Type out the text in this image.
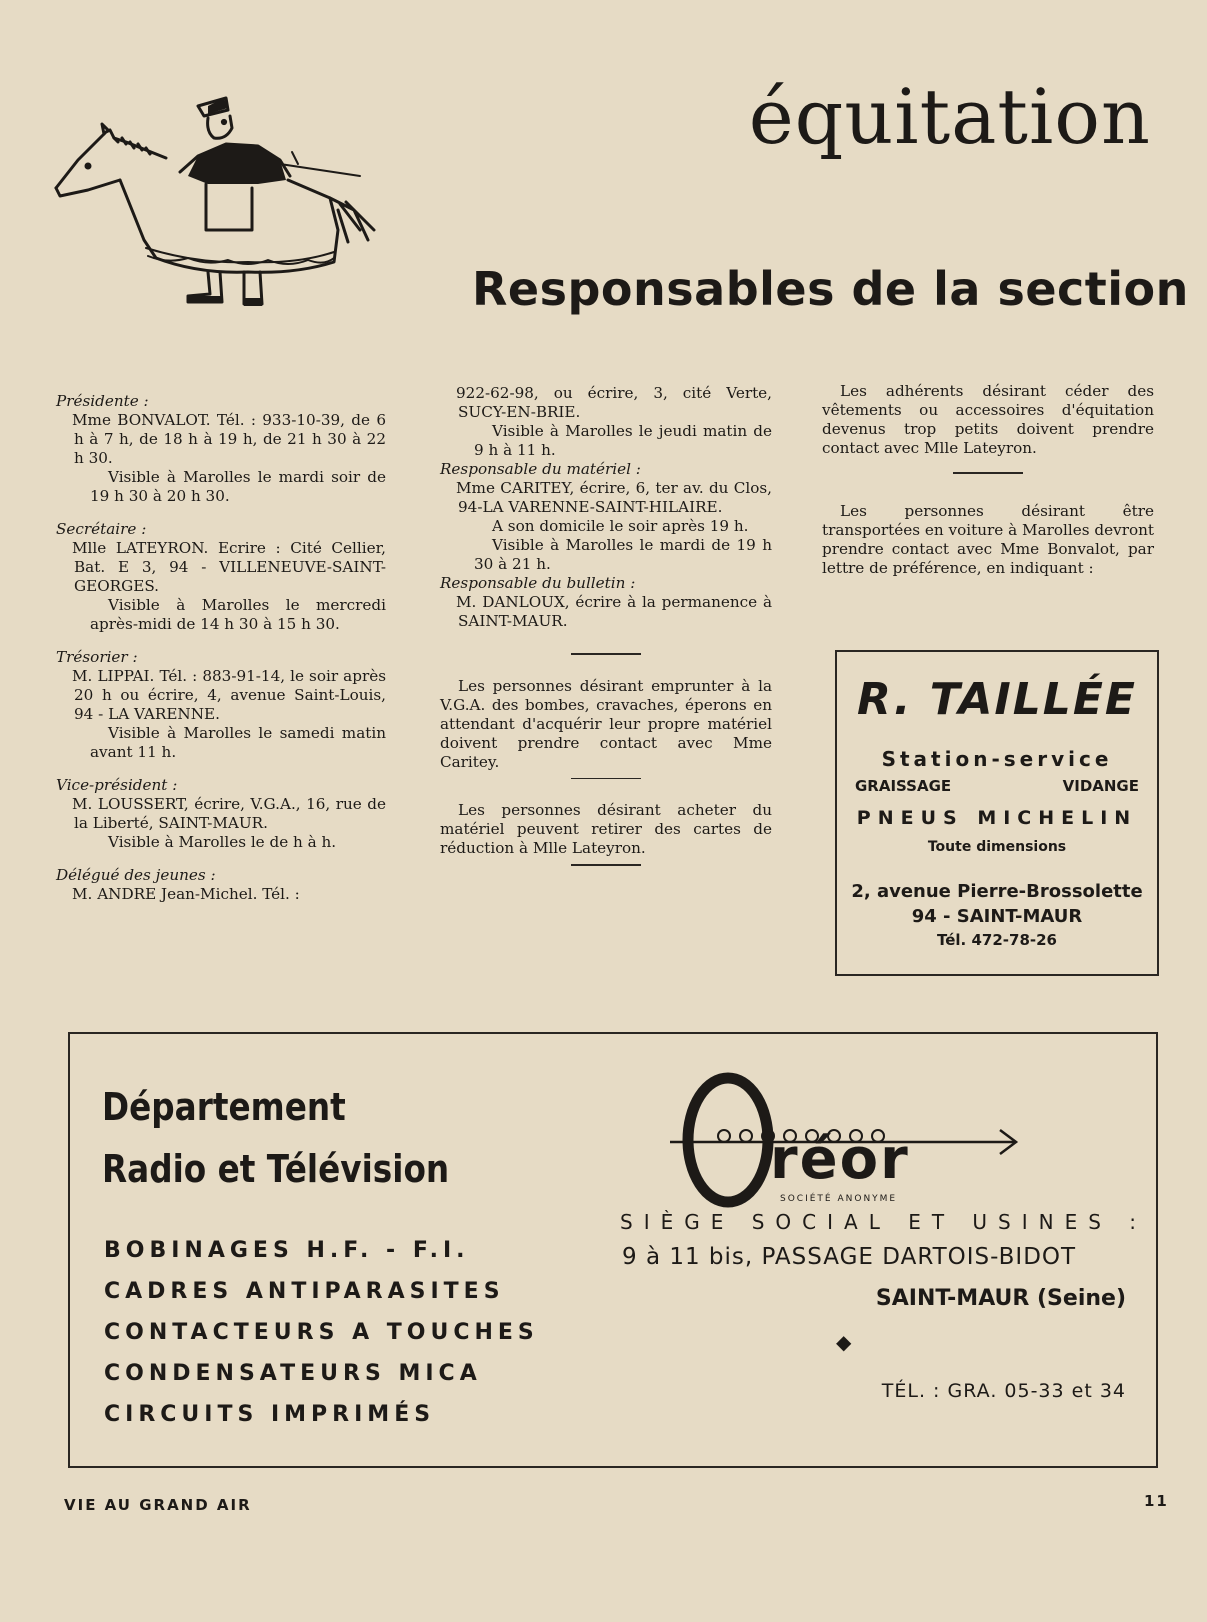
équitation
Responsables de la section

Présidente :

Mme BONVALOT. Tél. : 933-10-39, de 6 h à 7 h, de 18 h à 19 h, de 21 h 30 à 22 h 30.

Visible à Marolles le mardi soir de 19 h 30 à 20 h 30.

Secrétaire :

Mlle LATEYRON. Ecrire : Cité Cellier, Bat. E 3, 94 - VILLENEUVE-SAINT-GEORGES.

Visible à Marolles le mercredi après-midi de 14 h 30 à 15 h 30.

Trésorier :

M. LIPPAI. Tél. : 883-91-14, le soir après 20 h ou écrire, 4, avenue Saint-Louis, 94 - LA VARENNE.

Visible à Marolles le samedi matin avant 11 h.

Vice-président :

M. LOUSSERT, écrire, V.G.A., 16, rue de la Liberté, SAINT-MAUR.

Visible à Marolles le de h à h.

Délégué des jeunes :

M. ANDRE Jean-Michel. Tél. :

922-62-98, ou écrire, 3, cité Verte, SUCY-EN-BRIE.

Visible à Marolles le jeudi matin de 9 h à 11 h.

Responsable du matériel :

Mme CARITEY, écrire, 6, ter av. du Clos, 94-LA VARENNE-SAINT-HILAIRE.

A son domicile le soir après 19 h.

Visible à Marolles le mardi de 19 h 30 à 21 h.

Responsable du bulletin :

M. DANLOUX, écrire à la permanence à SAINT-MAUR.

Les personnes désirant emprunter à la V.G.A. des bombes, cravaches, éperons en attendant d'acquérir leur propre matériel doivent prendre contact avec Mme Caritey.

Les personnes désirant acheter du matériel peuvent retirer des cartes de réduction à Mlle Lateyron.

Les adhérents désirant céder des vêtements ou accessoires d'équitation devenus trop petits doivent prendre contact avec Mlle Lateyron.

Les personnes désirant être transportées en voiture à Marolles devront prendre contact avec Mme Bonvalot, par lettre de préférence, en indiquant :

R. TAILLÉE
Station-service
GRAISSAGE	VIDANGE
PNEUS MICHELIN
Toute dimensions
2, avenue Pierre-Brossolette
94 - SAINT-MAUR
Tél. 472-78-26
Département
Radio et Télévision
BOBINAGES H.F. - F.I.
CADRES ANTIPARASITES
CONTACTEURS A TOUCHES
CONDENSATEURS MICA
CIRCUITS IMPRIMÉS
réor
SOCIÉTÉ ANONYME
SIÈGE SOCIAL ET USINES :
9 à 11 bis, PASSAGE DARTOIS-BIDOT
SAINT-MAUR (Seine)
◆
TÉL. : GRA. 05-33 et 34
VIE AU GRAND AIR	11
